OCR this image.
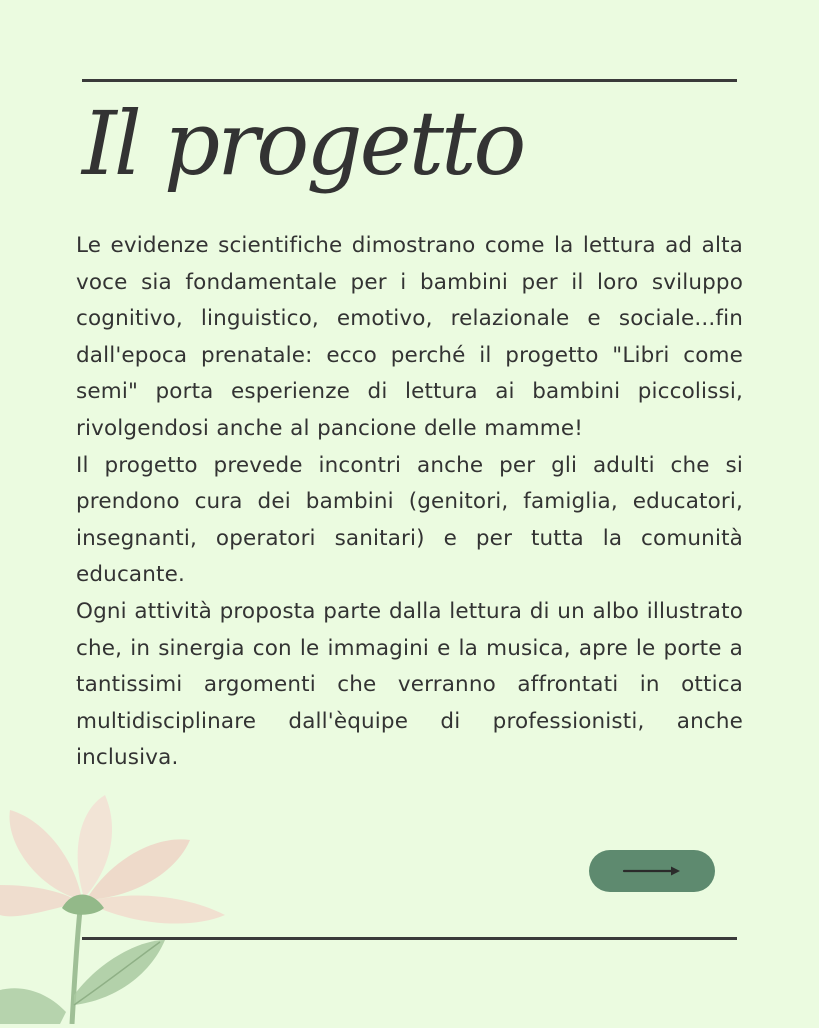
Il progetto

Le evidenze scientifiche dimostrano come la lettura ad alta voce sia fondamentale per i bambini per il loro sviluppo cognitivo, linguistico, emotivo, relazionale e sociale...fin dall'epoca prenatale: ecco perché il progetto "Libri come semi" porta esperienze di lettura ai bambini piccolissi, rivolgendosi anche al pancione delle mamme!

Il progetto prevede incontri anche per gli adulti che si prendono cura dei bambini (genitori, famiglia, educatori, insegnanti, operatori sanitari) e per tutta la comunità educante.

Ogni attività proposta parte dalla lettura di un albo illustrato che, in sinergia con le immagini e la musica, apre le porte a tantissimi argomenti che verranno affrontati in ottica multidisciplinare dall'èquipe di professionisti, anche inclusiva.
